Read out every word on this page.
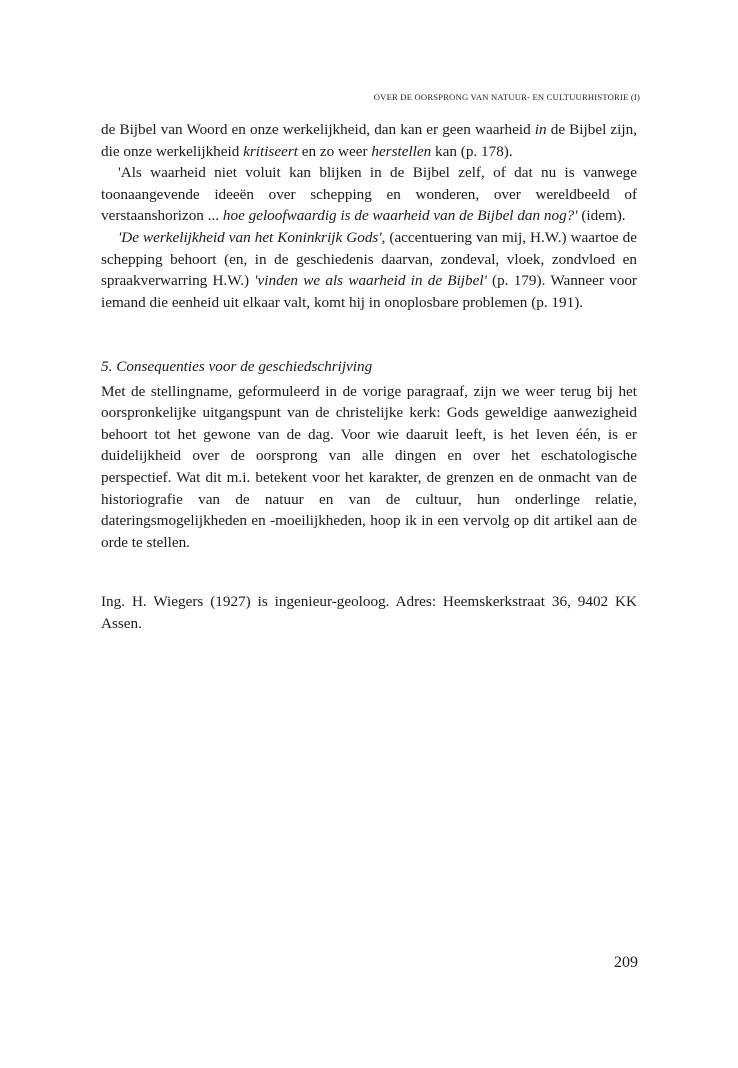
OVER DE OORSPRONG VAN NATUUR- EN CULTUURHISTORIE (I)

de Bijbel van Woord en onze werkelijkheid, dan kan er geen waarheid in de Bijbel zijn, die onze werkelijkheid kritiseert en zo weer herstellen kan (p. 178).

'Als waarheid niet voluit kan blijken in de Bijbel zelf, of dat nu is vanwege toonaangevende ideeën over schepping en wonderen, over wereldbeeld of verstaanshorizon ... hoe geloofwaardig is de waarheid van de Bijbel dan nog?' (idem).

'De werkelijkheid van het Koninkrijk Gods', (accentuering van mij, H.W.) waartoe de schepping behoort (en, in de geschiedenis daarvan, zondeval, vloek, zondvloed en spraakverwarring H.W.) 'vinden we als waarheid in de Bijbel' (p. 179). Wanneer voor iemand die eenheid uit elkaar valt, komt hij in onoplosbare problemen (p. 191).

5. Consequenties voor de geschiedschrijving

Met de stellingname, geformuleerd in de vorige paragraaf, zijn we weer terug bij het oorspronkelijke uitgangspunt van de christelijke kerk: Gods geweldige aanwezigheid behoort tot het gewone van de dag. Voor wie daaruit leeft, is het leven één, is er duidelijkheid over de oorsprong van alle dingen en over het eschatologische perspectief. Wat dit m.i. betekent voor het karakter, de grenzen en de onmacht van de historiografie van de natuur en van de cultuur, hun onderlinge relatie, dateringsmogelijkheden en -moeilijkheden, hoop ik in een vervolg op dit artikel aan de orde te stellen.

Ing. H. Wiegers (1927) is ingenieur-geoloog. Adres: Heemskerkstraat 36, 9402 KK Assen.

209
